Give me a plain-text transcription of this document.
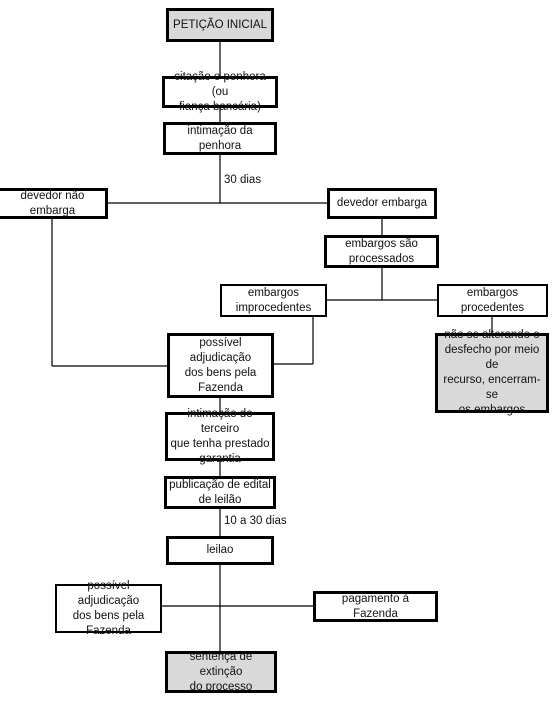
PETIÇÃO INICIAL
citação e penhora (ou
fiança bancária)
intimação da penhora
30 dias
devedor não embarga
devedor embarga
embargos são
processados
embargos
improcedentes
embargos
procedentes
não se alterando o
desfecho por meio de
recurso, encerram-se
os embargos
possível adjudicação
dos bens pela
Fazenda
intimação do terceiro
que tenha prestado
garantia
publicação de edital
de leilão
10 a 30 dias
leilao
possível adjudicação
dos bens pela
Fazenda
pagamento à Fazenda
sentença de extinção
do processo
